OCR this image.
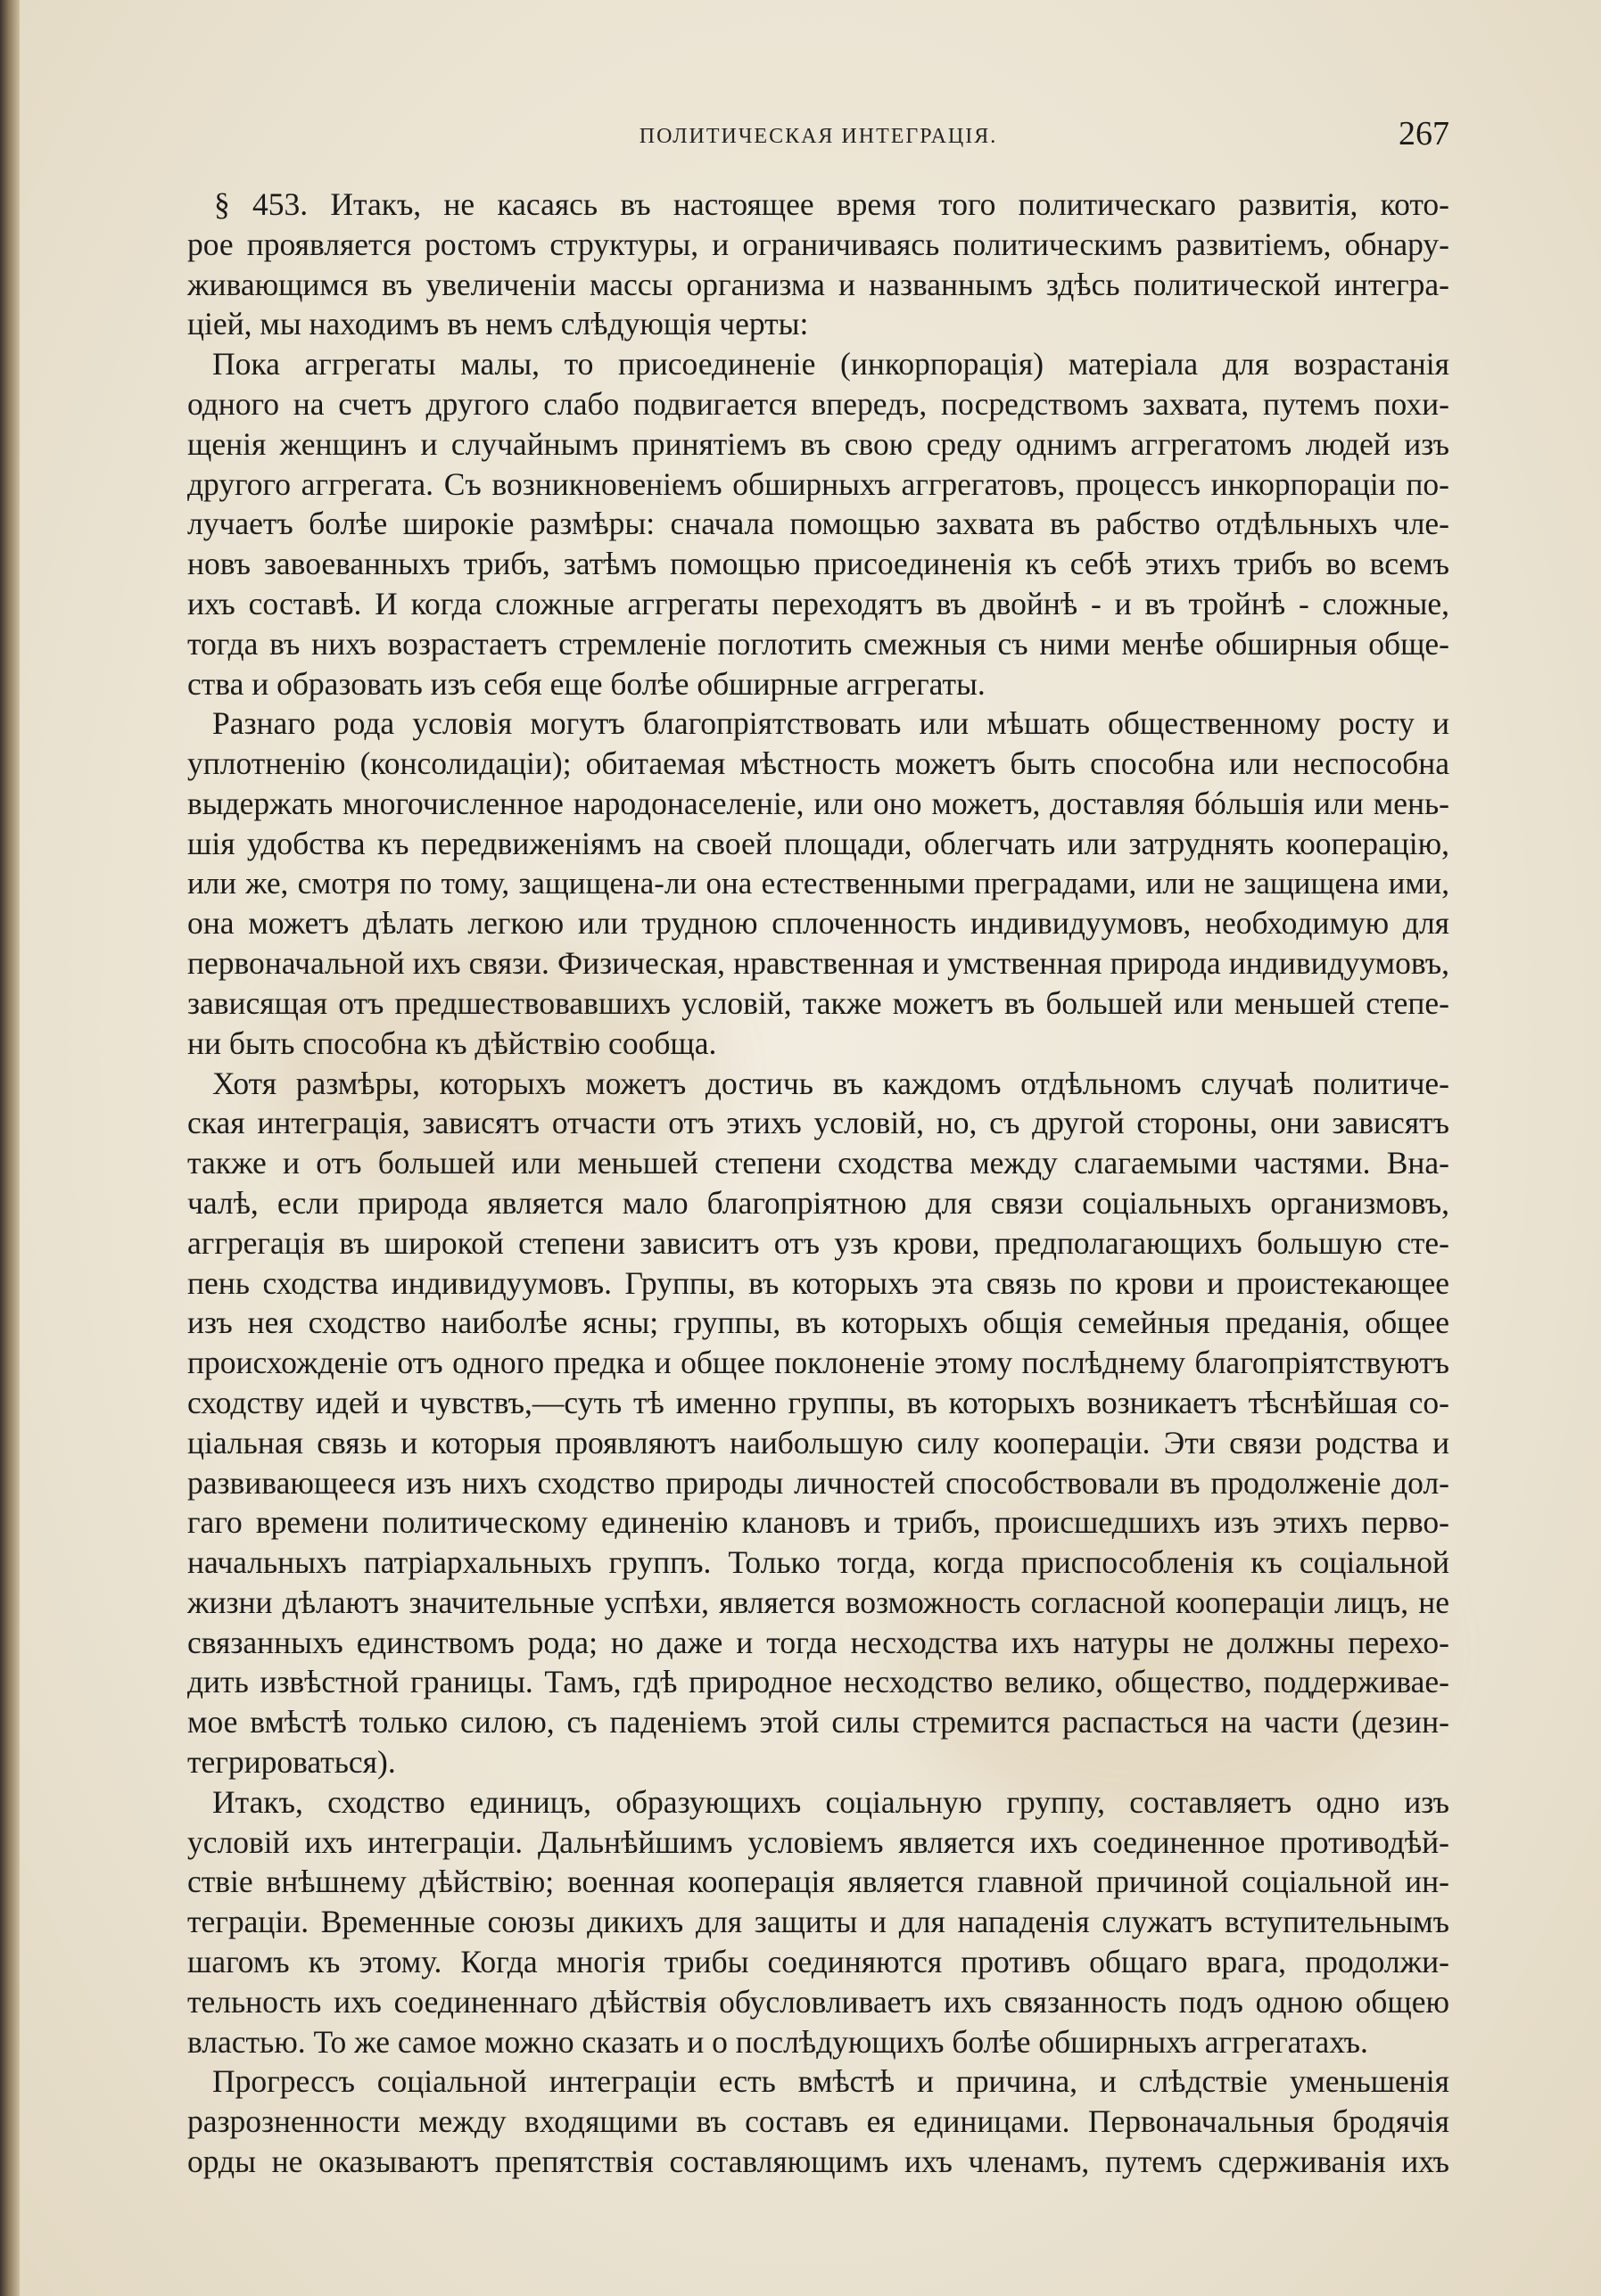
ПОЛИТИЧЕСКАЯ ИНТЕГРАЦІЯ.	267
§ 453. Итакъ, не касаясь въ настоящее время того политическаго развитія, кото-
рое проявляется ростомъ структуры, и ограничиваясь политическимъ развитіемъ, обнару-
живающимся въ увеличеніи массы организма и названнымъ здѣсь политической интегра-
ціей, мы находимъ въ немъ слѣдующія черты:
Пока аггрегаты малы, то присоединеніе (инкорпорація) матеріала для возрастанія
одного на счетъ другого слабо подвигается впередъ, посредствомъ захвата, путемъ похи-
щенія женщинъ и случайнымъ принятіемъ въ свою среду однимъ аггрегатомъ людей изъ
другого аггрегата. Съ возникновеніемъ обширныхъ аггрегатовъ, процессъ инкорпораціи по-
лучаетъ болѣе широкіе размѣры: сначала помощью захвата въ рабство отдѣльныхъ чле-
новъ завоеванныхъ трибъ, затѣмъ помощью присоединенія къ себѣ этихъ трибъ во всемъ
ихъ составѣ. И когда сложные аггрегаты переходятъ въ двойнѣ - и въ тройнѣ - сложные,
тогда въ нихъ возрастаетъ стремленіе поглотить смежныя съ ними менѣе обширныя обще-
ства и образовать изъ себя еще болѣе обширные аггрегаты.
Разнаго рода условія могутъ благопріятствовать или мѣшать общественному росту и
уплотненію (консолидаціи); обитаемая мѣстность можетъ быть способна или неспособна
выдержать многочисленное народонаселеніе, или оно можетъ, доставляя бóльшія или мень-
шія удобства къ передвиженіямъ на своей площади, облегчать или затруднять кооперацію,
или же, смотря по тому, защищена-ли она естественными преградами, или не защищена ими,
она можетъ дѣлать легкою или трудною сплоченность индивидуумовъ, необходимую для
первоначальной ихъ связи. Физическая, нравственная и умственная природа индивидуумовъ,
зависящая отъ предшествовавшихъ условій, также можетъ въ большей или меньшей степе-
ни быть способна къ дѣйствію сообща.
Хотя размѣры, которыхъ можетъ достичь въ каждомъ отдѣльномъ случаѣ политиче-
ская интеграція, зависятъ отчасти отъ этихъ условій, но, съ другой стороны, они зависятъ
также и отъ большей или меньшей степени сходства между слагаемыми частями. Вна-
чалѣ, если природа является мало благопріятною для связи соціальныхъ организмовъ,
аггрегація въ широкой степени зависитъ отъ узъ крови, предполагающихъ большую сте-
пень сходства индивидуумовъ. Группы, въ которыхъ эта связь по крови и проистекающее
изъ нея сходство наиболѣе ясны; группы, въ которыхъ общія семейныя преданія, общее
происхожденіе отъ одного предка и общее поклоненіе этому послѣднему благопріятствуютъ
сходству идей и чувствъ,—суть тѣ именно группы, въ которыхъ возникаетъ тѣснѣйшая со-
ціальная связь и которыя проявляютъ наибольшую силу коопераціи. Эти связи родства и
развивающееся изъ нихъ сходство природы личностей способствовали въ продолженіе дол-
гаго времени политическому единенію клановъ и трибъ, происшедшихъ изъ этихъ перво-
начальныхъ патріархальныхъ группъ. Только тогда, когда приспособленія къ соціальной
жизни дѣлаютъ значительные успѣхи, является возможность согласной коопераціи лицъ, не
связанныхъ единствомъ рода; но даже и тогда несходства ихъ натуры не должны перехо-
дить извѣстной границы. Тамъ, гдѣ природное несходство велико, общество, поддерживае-
мое вмѣстѣ только силою, съ паденіемъ этой силы стремится распасться на части (дезин-
тегрироваться).
Итакъ, сходство единицъ, образующихъ соціальную группу, составляетъ одно изъ
условій ихъ интеграціи. Дальнѣйшимъ условіемъ является ихъ соединенное противодѣй-
ствіе внѣшнему дѣйствію; военная кооперація является главной причиной соціальной ин-
теграціи. Временные союзы дикихъ для защиты и для нападенія служатъ вступительнымъ
шагомъ къ этому. Когда многія трибы соединяются противъ общаго врага, продолжи-
тельность ихъ соединеннаго дѣйствія обусловливаетъ ихъ связанность подъ одною общею
властью. То же самое можно сказать и о послѣдующихъ болѣе обширныхъ аггрегатахъ.
Прогрессъ соціальной интеграціи есть вмѣстѣ и причина, и слѣдствіе уменьшенія
разрозненности между входящими въ составъ ея единицами. Первоначальныя бродячія
орды не оказываютъ препятствія составляющимъ ихъ членамъ, путемъ сдерживанія ихъ
